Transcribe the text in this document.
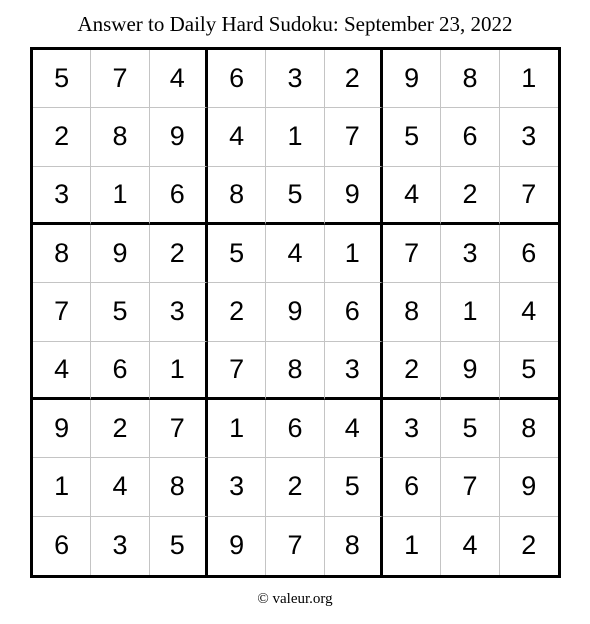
Answer to Daily Hard Sudoku: September 23, 2022
5	7	4	6	3	2	9	8	1
2	8	9	4	1	7	5	6	3
3	1	6	8	5	9	4	2	7
8	9	2	5	4	1	7	3	6
7	5	3	2	9	6	8	1	4
4	6	1	7	8	3	2	9	5
9	2	7	1	6	4	3	5	8
1	4	8	3	2	5	6	7	9
6	3	5	9	7	8	1	4	2
© valeur.org
